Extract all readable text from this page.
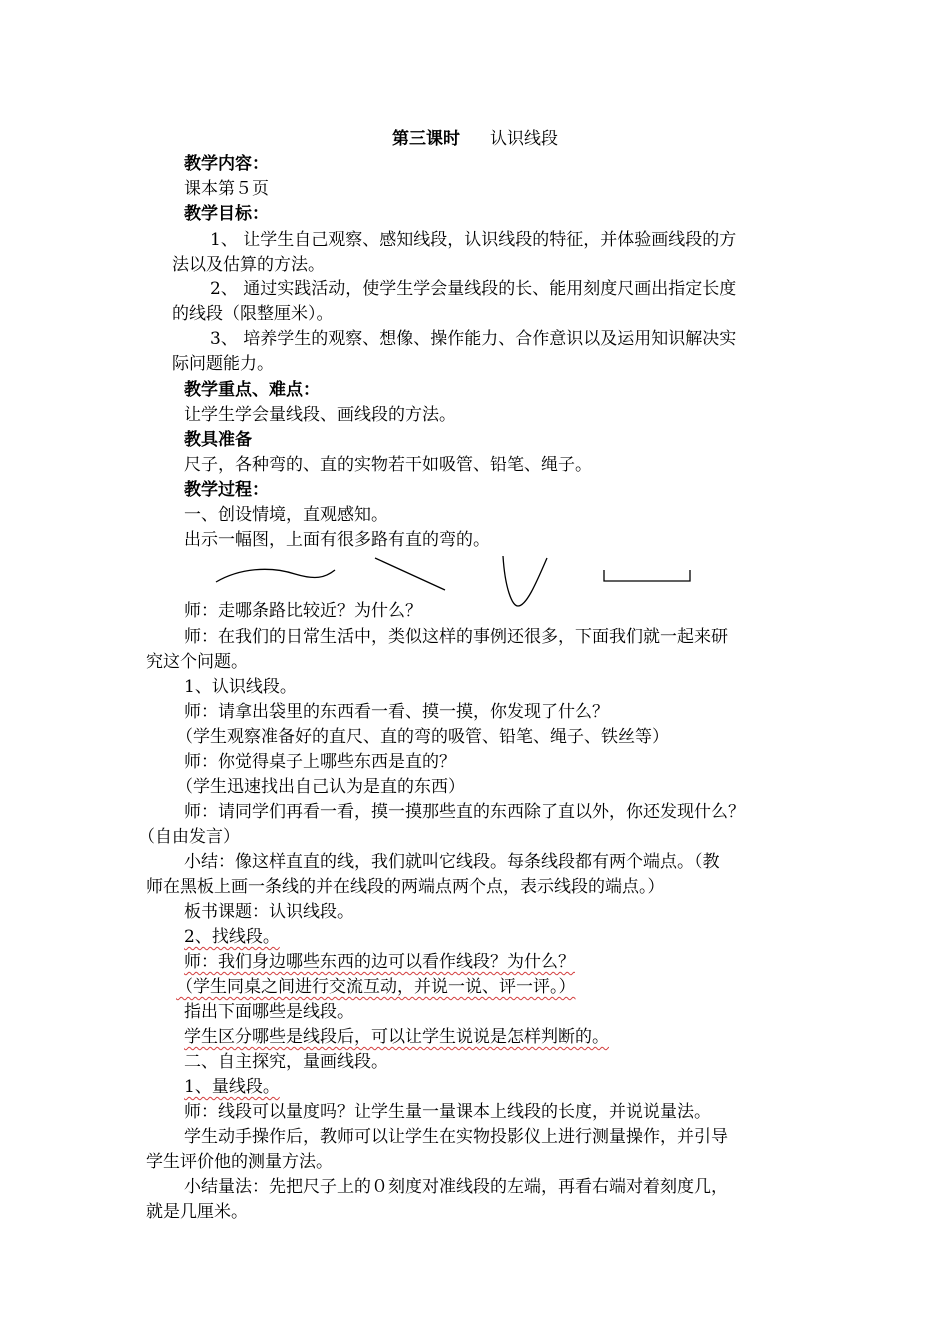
第三课时 认识线段
教学内容：
课本第５页
教学目标：
1、 让学生自己观察、感知线段，认识线段的特征，并体验画线段的方
法以及估算的方法。
2、 通过实践活动，使学生学会量线段的长、能用刻度尺画出指定长度
的线段（限整厘米）。
3、 培养学生的观察、想像、操作能力、合作意识以及运用知识解决实
际问题能力。
教学重点、难点：
让学生学会量线段、画线段的方法。
教具准备
尺子，各种弯的、直的实物若干如吸管、铅笔、绳子。
教学过程：
一、创设情境，直观感知。
出示一幅图，上面有很多路有直的弯的。
师：走哪条路比较近？为什么？
师：在我们的日常生活中，类似这样的事例还很多，下面我们就一起来研
究这个问题。
1、认识线段。
师：请拿出袋里的东西看一看、摸一摸，你发现了什么？
（学生观察准备好的直尺、直的弯的吸管、铅笔、绳子、铁丝等）
师：你觉得桌子上哪些东西是直的？
（学生迅速找出自己认为是直的东西）
师：请同学们再看一看，摸一摸那些直的东西除了直以外，你还发现什么？
（自由发言）
小结：像这样直直的线，我们就叫它线段。每条线段都有两个端点。（教
师在黑板上画一条线的并在线段的两端点两个点，表示线段的端点。）
板书课题：认识线段。
2、找线段。
师：我们身边哪些东西的边可以看作线段？为什么？
（学生同桌之间进行交流互动，并说一说、评一评。）
指出下面哪些是线段。
学生区分哪些是线段后，可以让学生说说是怎样判断的。
二、自主探究，量画线段。
1、量线段。
师：线段可以量度吗？让学生量一量课本上线段的长度，并说说量法。
学生动手操作后，教师可以让学生在实物投影仪上进行测量操作，并引导
学生评价他的测量方法。
小结量法：先把尺子上的０刻度对准线段的左端，再看右端对着刻度几，
就是几厘米。
